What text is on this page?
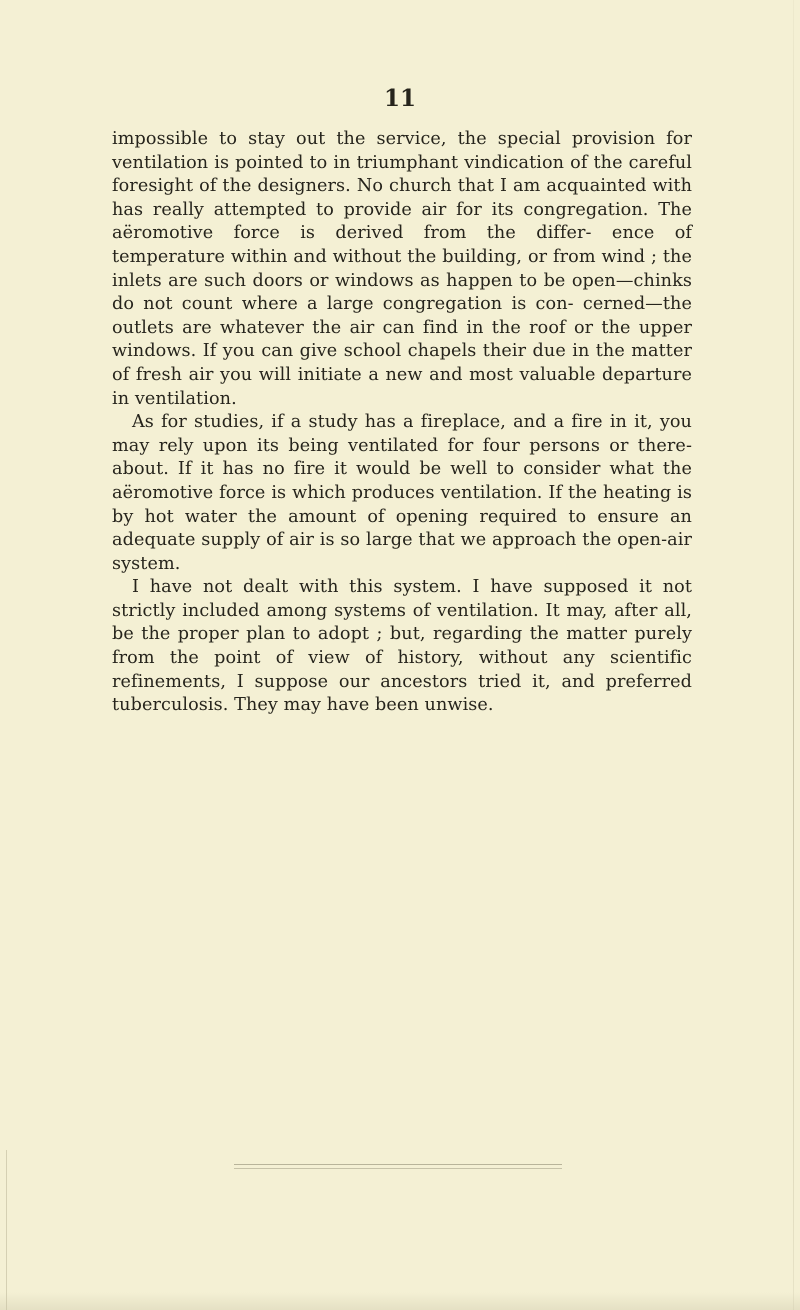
11

impossible to stay out the service, the special provision for ventilation is pointed to in triumphant vindication of the careful foresight of the designers. No church that I am acquainted with has really attempted to provide air for its congregation. The aëromotive force is derived from the differ- ence of temperature within and without the building, or from wind ; the inlets are such doors or windows as happen to be open—chinks do not count where a large congregation is con- cerned—the outlets are whatever the air can find in the roof or the upper windows. If you can give school chapels their due in the matter of fresh air you will initiate a new and most valuable departure in ventilation.

As for studies, if a study has a fireplace, and a fire in it, you may rely upon its being ventilated for four persons or there- about. If it has no fire it would be well to consider what the aëromotive force is which produces ventilation. If the heating is by hot water the amount of opening required to ensure an adequate supply of air is so large that we approach the open-air system.

I have not dealt with this system. I have supposed it not strictly included among systems of ventilation. It may, after all, be the proper plan to adopt ; but, regarding the matter purely from the point of view of history, without any scientific refinements, I suppose our ancestors tried it, and preferred tuberculosis. They may have been unwise.
